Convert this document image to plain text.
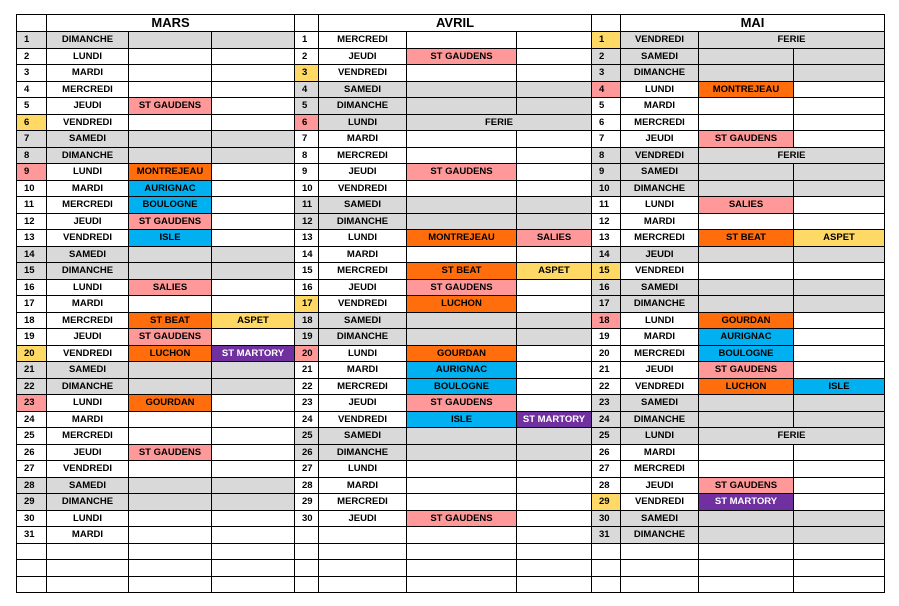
	MARS				AVRIL				MAI		
1	DIMANCHE			1	MERCREDI			1	VENDREDI	FERIE	
2	LUNDI			2	JEUDI	ST GAUDENS		2	SAMEDI		
3	MARDI			3	VENDREDI			3	DIMANCHE		
4	MERCREDI			4	SAMEDI			4	LUNDI	MONTREJEAU	
5	JEUDI	ST GAUDENS		5	DIMANCHE			5	MARDI		
6	VENDREDI			6	LUNDI	FERIE		6	MERCREDI		
7	SAMEDI			7	MARDI			7	JEUDI	ST GAUDENS	
8	DIMANCHE			8	MERCREDI			8	VENDREDI	FERIE	
9	LUNDI	MONTREJEAU		9	JEUDI	ST GAUDENS		9	SAMEDI		
10	MARDI	AURIGNAC		10	VENDREDI			10	DIMANCHE		
11	MERCREDI	BOULOGNE		11	SAMEDI			11	LUNDI	SALIES	
12	JEUDI	ST GAUDENS		12	DIMANCHE			12	MARDI		
13	VENDREDI	ISLE		13	LUNDI	MONTREJEAU	SALIES	13	MERCREDI	ST BEAT	ASPET
14	SAMEDI			14	MARDI			14	JEUDI		
15	DIMANCHE			15	MERCREDI	ST BEAT	ASPET	15	VENDREDI		
16	LUNDI	SALIES		16	JEUDI	ST GAUDENS		16	SAMEDI		
17	MARDI			17	VENDREDI	LUCHON		17	DIMANCHE		
18	MERCREDI	ST BEAT	ASPET	18	SAMEDI			18	LUNDI	GOURDAN	
19	JEUDI	ST GAUDENS		19	DIMANCHE			19	MARDI	AURIGNAC	
20	VENDREDI	LUCHON	ST MARTORY	20	LUNDI	GOURDAN		20	MERCREDI	BOULOGNE	
21	SAMEDI			21	MARDI	AURIGNAC		21	JEUDI	ST GAUDENS	
22	DIMANCHE			22	MERCREDI	BOULOGNE		22	VENDREDI	LUCHON	ISLE
23	LUNDI	GOURDAN		23	JEUDI	ST GAUDENS		23	SAMEDI		
24	MARDI			24	VENDREDI	ISLE	ST MARTORY	24	DIMANCHE		
25	MERCREDI			25	SAMEDI			25	LUNDI	FERIE	
26	JEUDI	ST GAUDENS		26	DIMANCHE			26	MARDI		
27	VENDREDI			27	LUNDI			27	MERCREDI		
28	SAMEDI			28	MARDI			28	JEUDI	ST GAUDENS	
29	DIMANCHE			29	MERCREDI			29	VENDREDI	ST MARTORY	
30	LUNDI			30	JEUDI	ST GAUDENS		30	SAMEDI		
31	MARDI							31	DIMANCHE		
